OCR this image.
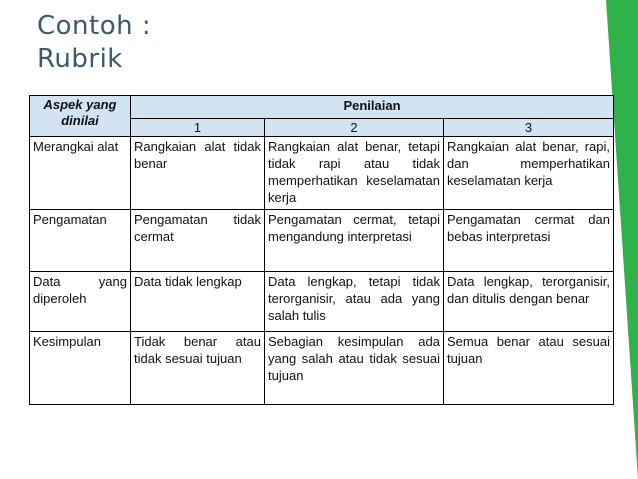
Contoh :
Rubrik
Aspek yang dinilai	Penilaian		
	1	2	3
Merangkai alat	Rangkaian alat tidak benar	Rangkaian alat benar, tetapi tidak rapi atau tidak memperhatikan keselamatan kerja	Rangkaian alat benar, rapi, dan memperhatikan keselamatan kerja
Pengamatan	Pengamatan tidak cermat	Pengamatan cermat, tetapi mengandung interpretasi	Pengamatan cermat dan bebas interpretasi
Data yang diperoleh	Data tidak lengkap	Data lengkap, tetapi tidak terorganisir, atau ada yang salah tulis	Data lengkap, terorganisir, dan ditulis dengan benar
Kesimpulan	Tidak benar atau tidak sesuai tujuan	Sebagian kesimpulan ada yang salah atau tidak sesuai tujuan	Semua benar atau sesuai tujuan
